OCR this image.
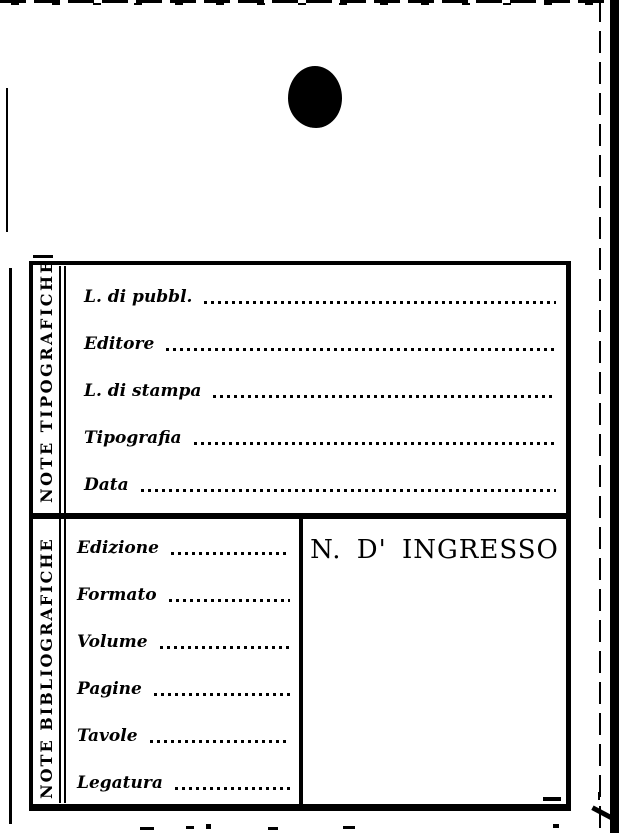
NOTE TIPOGRAFICHE
NOTE BIBLIOGRAFICHE
L. di pubbl.
Editore
L. di stampa
Tipografia
Data
Edizione
Formato
Volume
Pagine
Tavole
Legatura
N. D' INGRESSO
